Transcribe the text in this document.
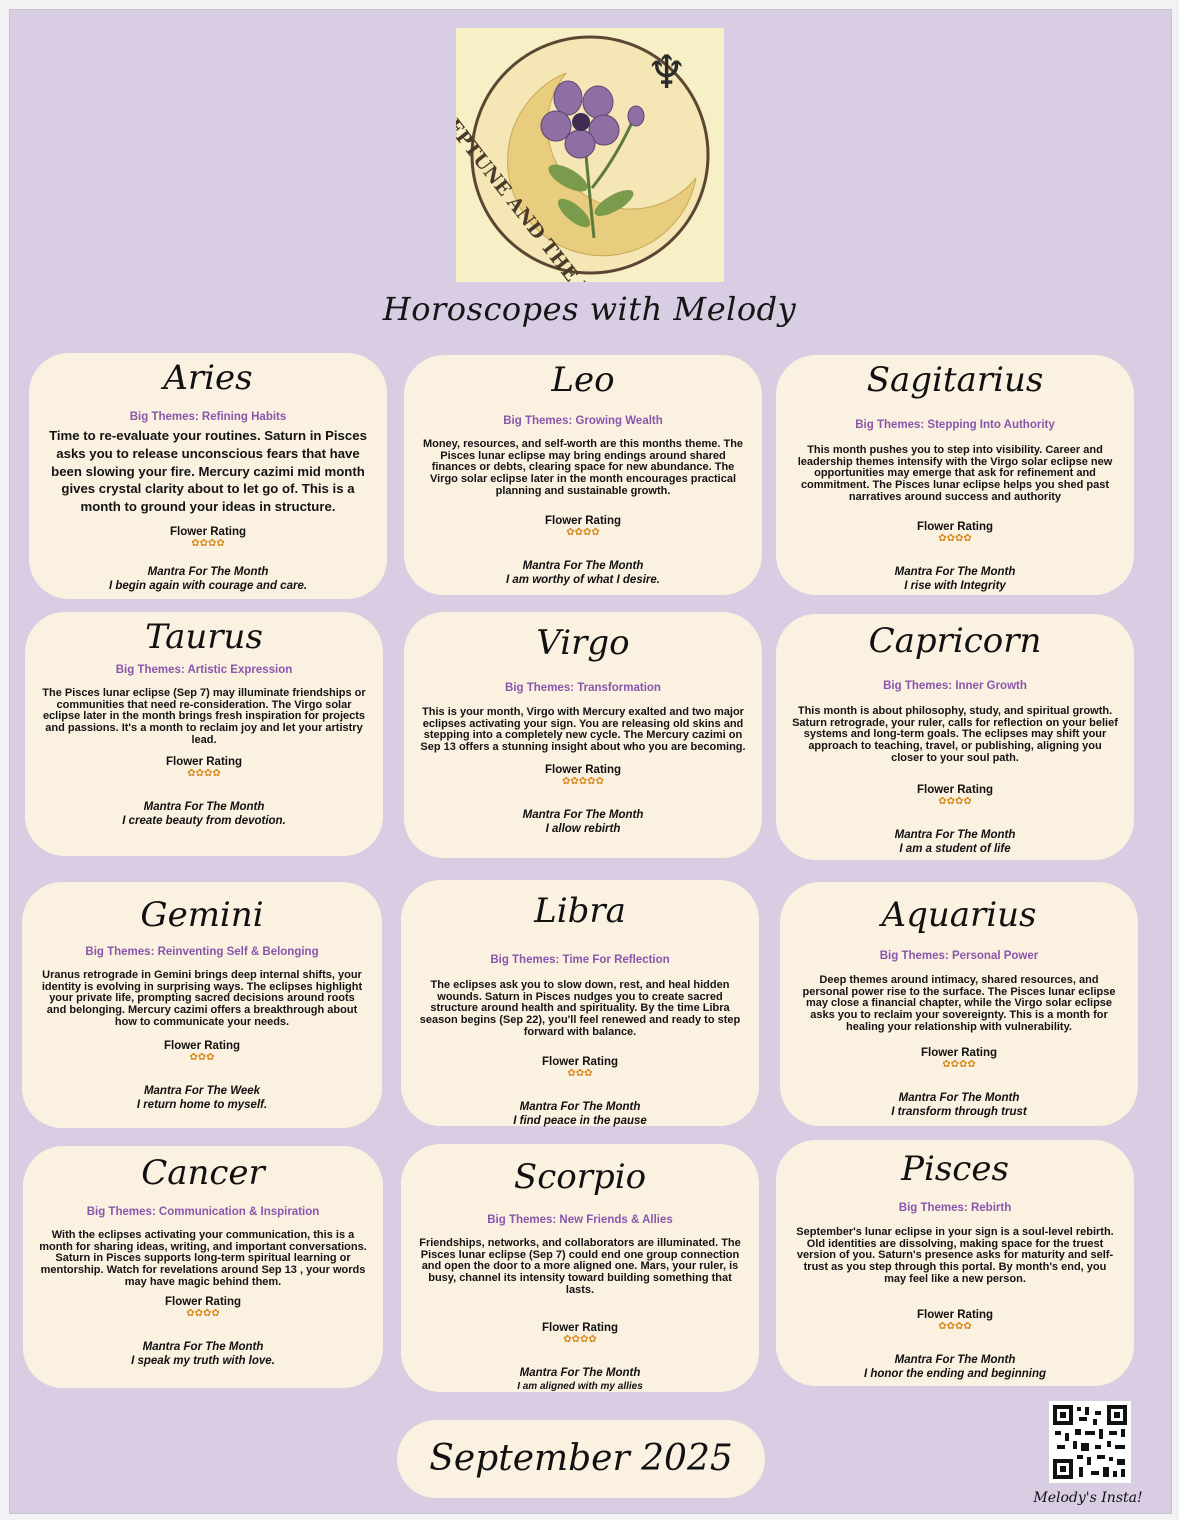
♆
NEPTUNE AND THE
Horoscopes with Melody
Aries
Big Themes: Refining Habits
Time to re-evaluate your routines. Saturn in Pisces asks you to release unconscious fears that have been slowing your fire. Mercury cazimi mid month gives crystal clarity about to let go of. This is a month to ground your ideas in structure.
Flower Rating
✿✿✿✿
Mantra For The Month
I begin again with courage and care.
Leo
Big Themes: Growing Wealth
Money, resources, and self-worth are this months theme. The Pisces lunar eclipse may bring endings around shared finances or debts, clearing space for new abundance. The Virgo solar eclipse later in the month encourages practical planning and sustainable growth.
Flower Rating
✿✿✿✿
Mantra For The Month
I am worthy of what I desire.
Sagitarius
Big Themes: Stepping Into Authority
This month pushes you to step into visibility. Career and leadership themes intensify with the Virgo solar eclipse new opportunities may emerge that ask for refinement and commitment. The Pisces lunar eclipse helps you shed past narratives around success and authority
Flower Rating
✿✿✿✿
Mantra For The Month
I rise with Integrity
Taurus
Big Themes: Artistic Expression
The Pisces lunar eclipse (Sep 7) may illuminate friendships or communities that need re-consideration. The Virgo solar eclipse later in the month brings fresh inspiration for projects and passions. It's a month to reclaim joy and let your artistry lead.
Flower Rating
✿✿✿✿
Mantra For The Month
I create beauty from devotion.
Virgo
Big Themes: Transformation
This is your month, Virgo with Mercury exalted and two major eclipses activating your sign. You are releasing old skins and stepping into a completely new cycle. The Mercury cazimi on Sep 13 offers a stunning insight about who you are becoming.
Flower Rating
✿✿✿✿✿
Mantra For The Month
I allow rebirth
Capricorn
Big Themes: Inner Growth
This month is about philosophy, study, and spiritual growth. Saturn retrograde, your ruler, calls for reflection on your belief systems and long-term goals. The eclipses may shift your approach to teaching, travel, or publishing, aligning you closer to your soul path.
Flower Rating
✿✿✿✿
Mantra For The Month
I am a student of life
Gemini
Big Themes: Reinventing Self & Belonging
Uranus retrograde in Gemini brings deep internal shifts, your identity is evolving in surprising ways. The eclipses highlight your private life, prompting sacred decisions around roots and belonging. Mercury cazimi offers a breakthrough about how to communicate your needs.
Flower Rating
✿✿✿
Mantra For The Week
I return home to myself.
Libra
Big Themes: Time For Reflection
The eclipses ask you to slow down, rest, and heal hidden wounds. Saturn in Pisces nudges you to create sacred structure around health and spirituality. By the time Libra season begins (Sep 22), you'll feel renewed and ready to step forward with balance.
Flower Rating
✿✿✿
Mantra For The Month
I find peace in the pause
Aquarius
Big Themes: Personal Power
Deep themes around intimacy, shared resources, and personal power rise to the surface. The Pisces lunar eclipse may close a financial chapter, while the Virgo solar eclipse asks you to reclaim your sovereignty. This is a month for healing your relationship with vulnerability.
Flower Rating
✿✿✿✿
Mantra For The Month
I transform through trust
Cancer
Big Themes: Communication & Inspiration
With the eclipses activating your communication, this is a month for sharing ideas, writing, and important conversations. Saturn in Pisces supports long-term spiritual learning or mentorship. Watch for revelations around Sep 13 , your words may have magic behind them.
Flower Rating
✿✿✿✿
Mantra For The Month
I speak my truth with love.
Scorpio
Big Themes: New Friends & Allies
Friendships, networks, and collaborators are illuminated. The Pisces lunar eclipse (Sep 7) could end one group connection and open the door to a more aligned one. Mars, your ruler, is busy, channel its intensity toward building something that lasts.
Flower Rating
✿✿✿✿
Mantra For The Month
I am aligned with my allies
Pisces
Big Themes: Rebirth
September's lunar eclipse in your sign is a soul-level rebirth. Old identities are dissolving, making space for the truest version of you. Saturn's presence asks for maturity and self-trust as you step through this portal. By month's end, you may feel like a new person.
Flower Rating
✿✿✿✿
Mantra For The Month
I honor the ending and beginning
September 2025
Melody's Insta!
